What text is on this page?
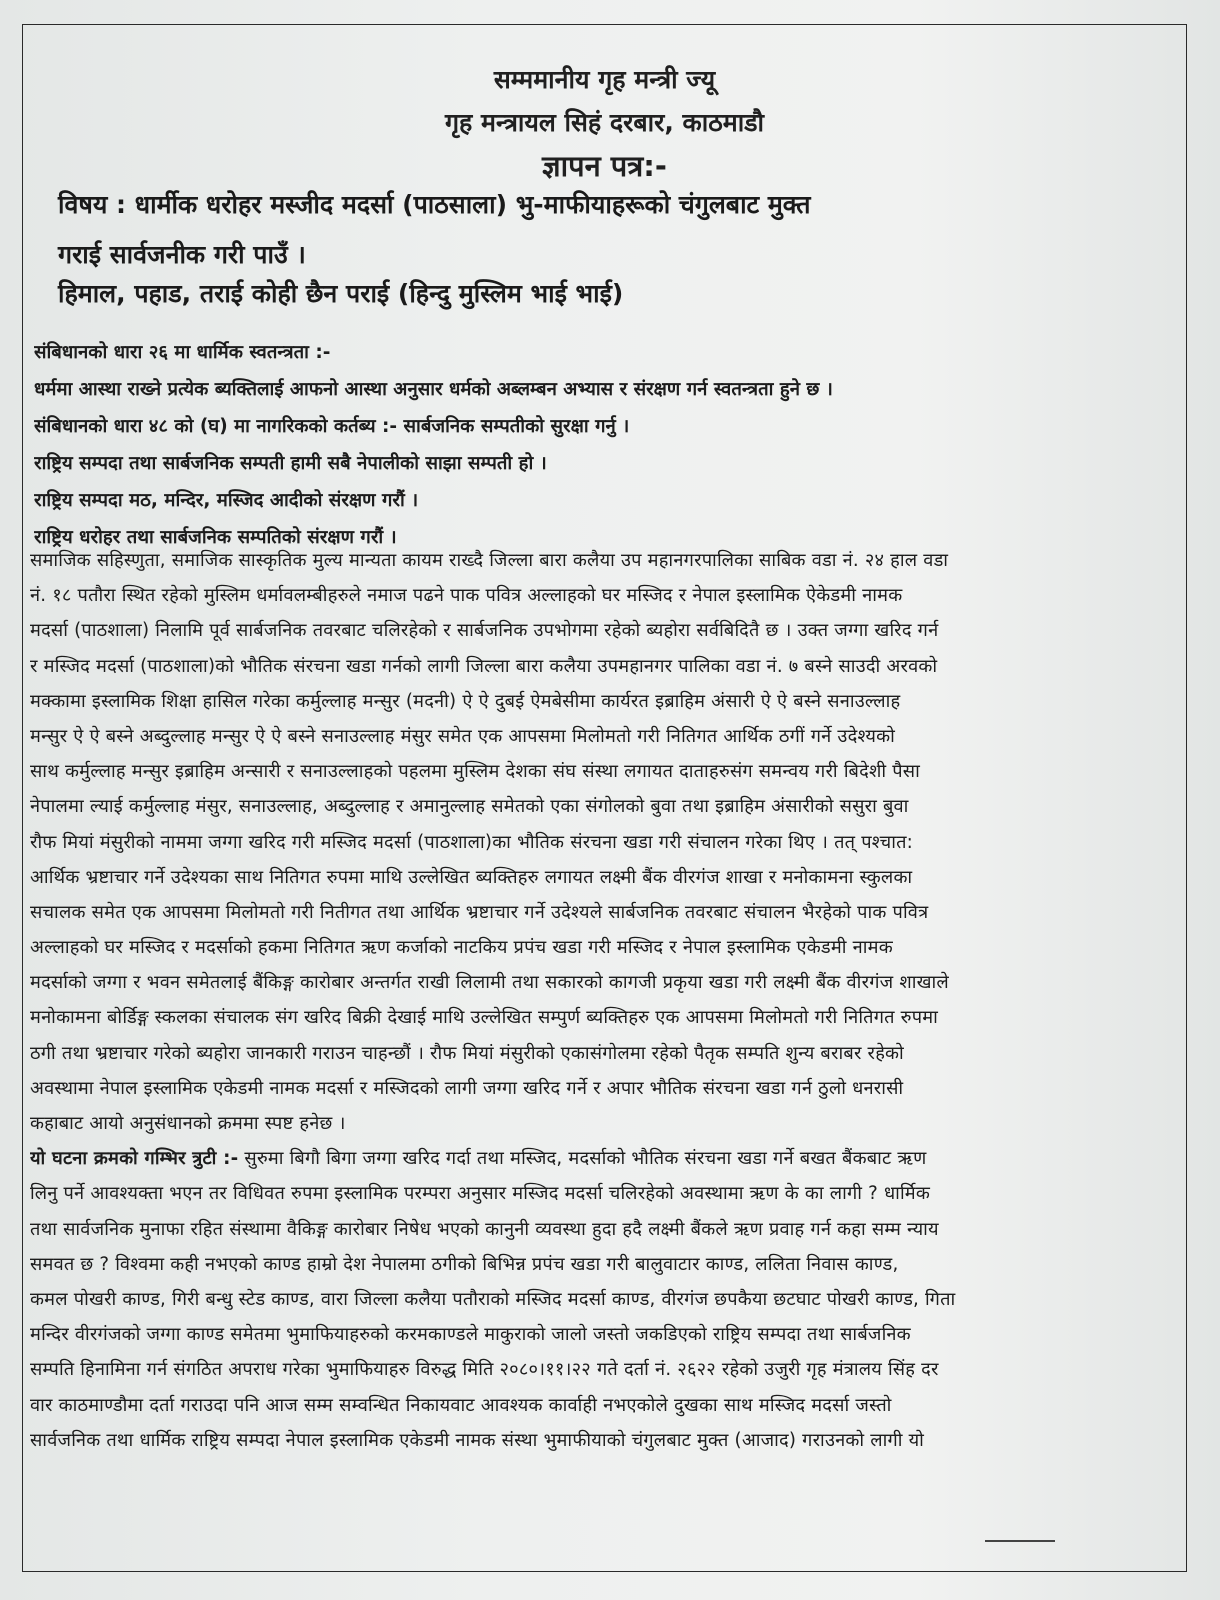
सम्ममानीय गृह मन्त्री ज्यू
गृह मन्त्रायल सिहं दरबार, काठमाडौ
ज्ञापन पत्र:-
विषय : धार्मीक धरोहर मस्जीद मदर्सा (पाठसाला) भु-माफीयाहरूको चंगुलबाट मुक्त
गराई सार्वजनीक गरी पाउँ ।
हिमाल, पहाड, तराई कोही छैन पराई (हिन्दु मुस्लिम भाई भाई)
संबिधानको धारा २६ मा धार्मिक स्वतन्त्रता :-
धर्ममा आस्था राख्ने प्रत्येक ब्यक्तिलाई आफनो आस्था अनुसार धर्मको अब्लम्बन अभ्यास र संरक्षण गर्न स्वतन्त्रता हुने छ ।
संबिधानको धारा ४८ को (घ) मा नागरिकको कर्तब्य :- सार्बजनिक सम्पतीको सुरक्षा गर्नु ।
राष्ट्रिय सम्पदा तथा सार्बजनिक सम्पती हामी सबै नेपालीको साझा सम्पती हो ।
राष्ट्रिय सम्पदा मठ, मन्दिर, मस्जिद आदीको संरक्षण गरौं ।
राष्ट्रिय धरोहर तथा सार्बजनिक सम्पतिको संरक्षण गरौं ।
समाजिक सहिस्णुता, समाजिक सास्कृतिक मुल्य मान्यता कायम राख्दै जिल्ला बारा कलैया उप महानगरपालिका साबिक वडा नं. २४ हाल वडा
नं. १८ पतौरा स्थित रहेको मुस्लिम धर्मावलम्बीहरुले नमाज पढने पाक पवित्र अल्लाहको घर मस्जिद र नेपाल इस्लामिक ऐकेडमी नामक
मदर्सा (पाठशाला) निलामि पूर्व सार्बजनिक तवरबाट चलिरहेको र सार्बजनिक उपभोगमा रहेको ब्यहोरा सर्वबिदितै छ । उक्त जग्गा खरिद गर्न
र मस्जिद मदर्सा (पाठशाला)को भौतिक संरचना खडा गर्नको लागी जिल्ला बारा कलैया उपमहानगर पालिका वडा नं. ७ बस्ने साउदी अरवको
मक्कामा इस्लामिक शिक्षा हासिल गरेका कर्मुल्लाह मन्सुर (मदनी) ऐ ऐ दुबई ऐमबेसीमा कार्यरत इब्राहिम अंसारी ऐ ऐ बस्ने सनाउल्लाह
मन्सुर ऐ ऐ बस्ने अब्दुल्लाह मन्सुर ऐ ऐ बस्ने सनाउल्लाह मंसुर समेत एक आपसमा मिलोमतो गरी नितिगत आर्थिक ठगीं गर्ने उदेश्यको
साथ कर्मुल्लाह मन्सुर इब्राहिम अन्सारी र सनाउल्लाहको पहलमा मुस्लिम देशका संघ संस्था लगायत दाताहरुसंग समन्वय गरी बिदेशी पैसा
नेपालमा ल्याई कर्मुल्लाह मंसुर, सनाउल्लाह, अब्दुल्लाह र अमानुल्लाह समेतको एका संगोलको बुवा तथा इब्राहिम अंसारीको ससुरा बुवा
रौफ मियां मंसुरीको नाममा जग्गा खरिद गरी मस्जिद मदर्सा (पाठशाला)का भौतिक संरचना खडा गरी संचालन गरेका थिए । तत् पश्चात:
आर्थिक भ्रष्टाचार गर्ने उदेश्यका साथ नितिगत रुपमा माथि उल्लेखित ब्यक्तिहरु लगायत लक्ष्मी बैंक वीरगंज शाखा र मनोकामना स्कुलका
सचालक समेत एक आपसमा मिलोमतो गरी नितीगत तथा आर्थिक भ्रष्टाचार गर्ने उदेश्यले सार्बजनिक तवरबाट संचालन भैरहेको पाक पवित्र
अल्लाहको घर मस्जिद र मदर्साको हकमा नितिगत ऋण कर्जाको नाटकिय प्रपंच खडा गरी मस्जिद र नेपाल इस्लामिक एकेडमी नामक
मदर्साको जग्गा र भवन समेतलाई बैंकिङ्ग कारोबार अन्तर्गत राखी लिलामी तथा सकारको कागजी प्रकृया खडा गरी लक्ष्मी बैंक वीरगंज शाखाले
मनोकामना बोर्डिङ्ग स्कलका संचालक संग खरिद बिक्री देखाई माथि उल्लेखित सम्पुर्ण ब्यक्तिहरु एक आपसमा मिलोमतो गरी नितिगत रुपमा
ठगी तथा भ्रष्टाचार गरेको ब्यहोरा जानकारी गराउन चाहन्छौं । रौफ मियां मंसुरीको एकासंगोलमा रहेको पैतृक सम्पति शुन्य बराबर रहेको
अवस्थामा नेपाल इस्लामिक एकेडमी नामक मदर्सा र मस्जिदको लागी जग्गा खरिद गर्ने र अपार भौतिक संरचना खडा गर्न ठुलो धनरासी
कहाबाट आयो अनुसंधानको क्रममा स्पष्ट हनेछ ।
यो घटना क्रमको गम्भिर त्रुटी :- सुरुमा बिगौ बिगा जग्गा खरिद गर्दा तथा मस्जिद, मदर्साको भौतिक संरचना खडा गर्ने बखत बैंकबाट ऋण
लिनु पर्ने आवश्यक्ता भएन तर विधिवत रुपमा इस्लामिक परम्परा अनुसार मस्जिद मदर्सा चलिरहेको अवस्थामा ऋण के का लागी ? धार्मिक
तथा सार्वजनिक मुनाफा रहित संस्थामा वैकिङ्ग कारोबार निषेध भएको कानुनी व्यवस्था हुदा हदै लक्ष्मी बैंकले ऋण प्रवाह गर्न कहा सम्म न्याय
समवत छ ? विश्वमा कही नभएको काण्ड हाम्रो देश नेपालमा ठगीको बिभिन्न प्रपंच खडा गरी बालुवाटार काण्ड, ललिता निवास काण्ड,
कमल पोखरी काण्ड, गिरी बन्धु स्टेड काण्ड, वारा जिल्ला कलैया पतौराको मस्जिद मदर्सा काण्ड, वीरगंज छपकैया छटघाट पोखरी काण्ड, गिता
मन्दिर वीरगंजको जग्गा काण्ड समेतमा भुमाफियाहरुको करमकाण्डले माकुराको जालो जस्तो जकडिएको राष्ट्रिय सम्पदा तथा सार्बजनिक
सम्पति हिनामिना गर्न संगठित अपराध गरेका भुमाफियाहरु विरुद्ध मिति २०८०।११।२२ गते दर्ता नं. २६२२ रहेको उजुरी गृह मंत्रालय सिंह दर
वार काठमाण्डौमा दर्ता गराउदा पनि आज सम्म सम्वन्धित निकायवाट आवश्यक कार्वाही नभएकोले दुखका साथ मस्जिद मदर्सा जस्तो
सार्वजनिक तथा धार्मिक राष्ट्रिय सम्पदा नेपाल इस्लामिक एकेडमी नामक संस्था भुमाफीयाको चंगुलबाट मुक्त (आजाद) गराउनको लागी यो
